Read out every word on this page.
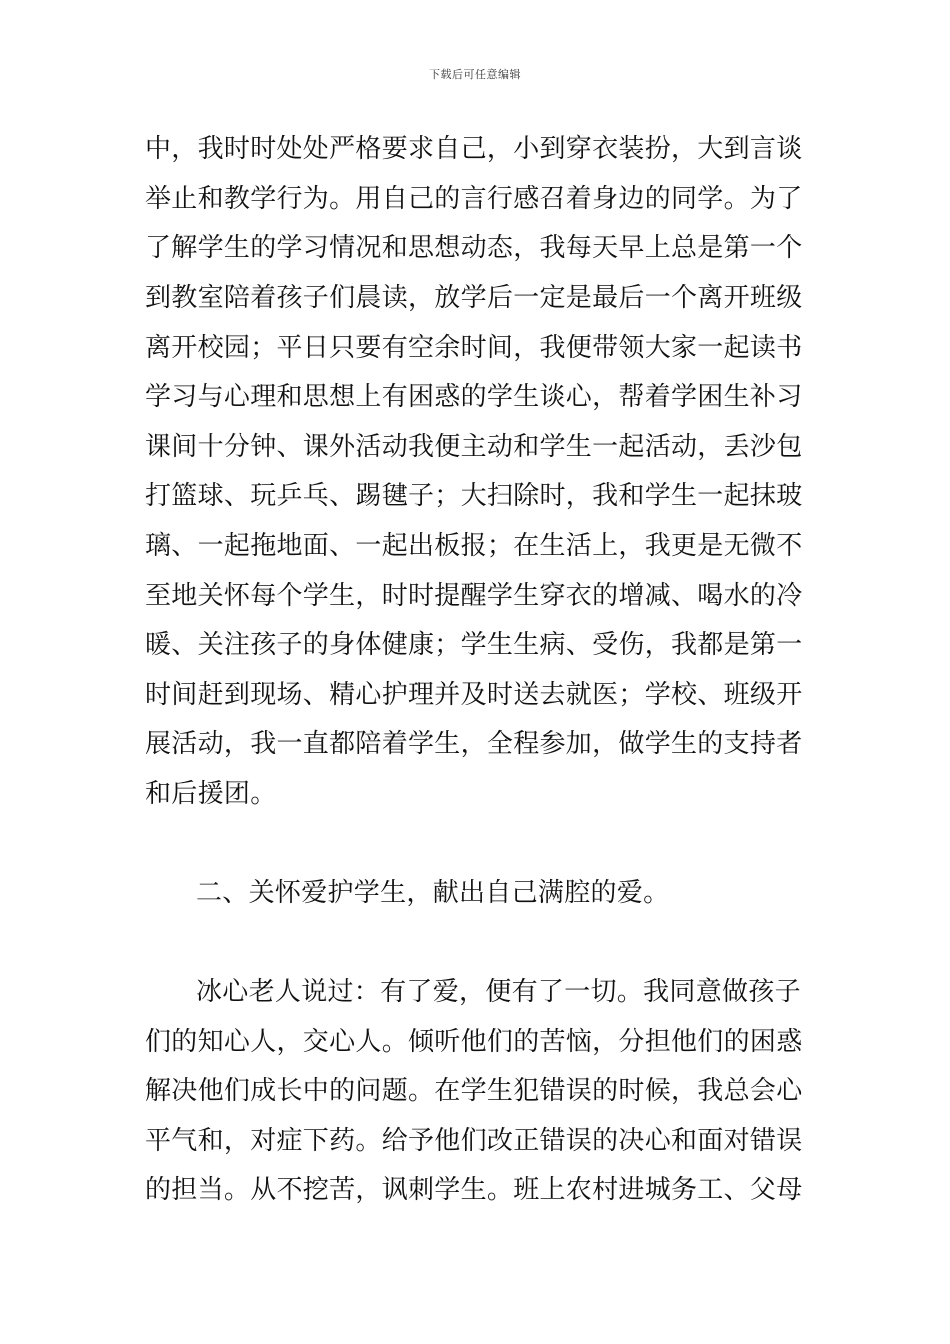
下载后可任意编辑
中，我时时处处严格要求自己，小到穿衣装扮，大到言谈
举止和教学行为。用自己的言行感召着身边的同学。为了
了解学生的学习情况和思想动态，我每天早上总是第一个
到教室陪着孩子们晨读，放学后一定是最后一个离开班级
离开校园；平日只要有空余时间，我便带领大家一起读书
学习与心理和思想上有困惑的学生谈心，帮着学困生补习
课间十分钟、课外活动我便主动和学生一起活动，丢沙包
打篮球、玩乒乓、踢毽子；大扫除时，我和学生一起抹玻
璃、一起拖地面、一起出板报；在生活上，我更是无微不
至地关怀每个学生，时时提醒学生穿衣的增减、喝水的冷
暖、关注孩子的身体健康；学生生病、受伤，我都是第一
时间赶到现场、精心护理并及时送去就医；学校、班级开
展活动，我一直都陪着学生，全程参加，做学生的支持者
和后援团。
二、关怀爱护学生，献出自己满腔的爱。
冰心老人说过：有了爱，便有了一切。我同意做孩子
们的知心人，交心人。倾听他们的苦恼，分担他们的困惑
解决他们成长中的问题。在学生犯错误的时候，我总会心
平气和，对症下药。给予他们改正错误的决心和面对错误
的担当。从不挖苦，讽刺学生。班上农村进城务工、父母
